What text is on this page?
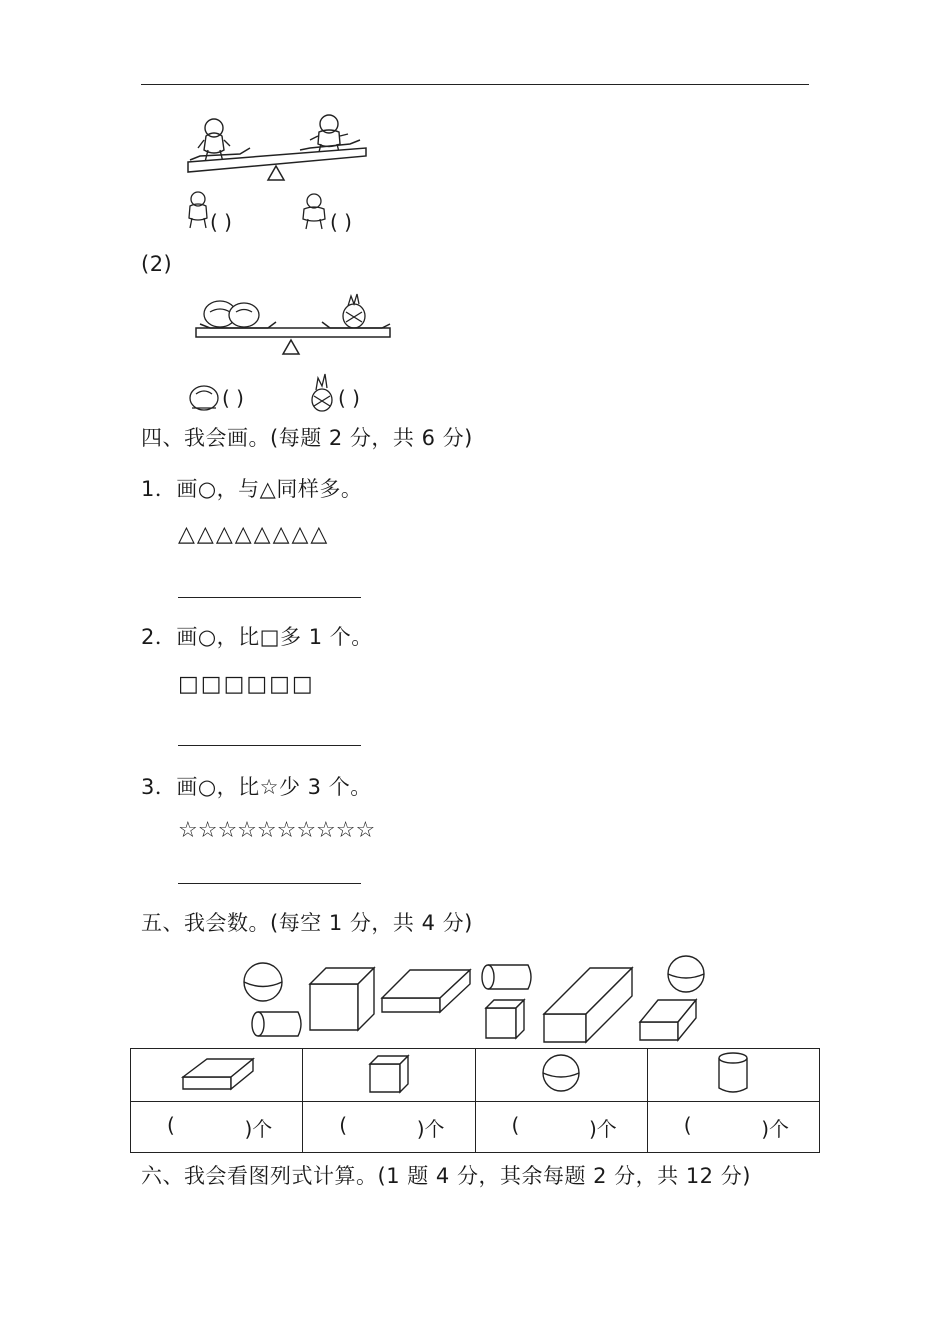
( )	( )
(2)
( )	( )
四、我会画。(每题 2 分，共 6 分)
1．画○，与△同样多。
△△△△△△△△
2．画○，比□多 1 个。
□□□□□□
3．画○，比☆少 3 个。
☆☆☆☆☆☆☆☆☆☆
五、我会数。(每空 1 分，共 4 分)

( )个	( )个	( )个	( )个
六、我会看图列式计算。(1 题 4 分，其余每题 2 分，共 12 分)
